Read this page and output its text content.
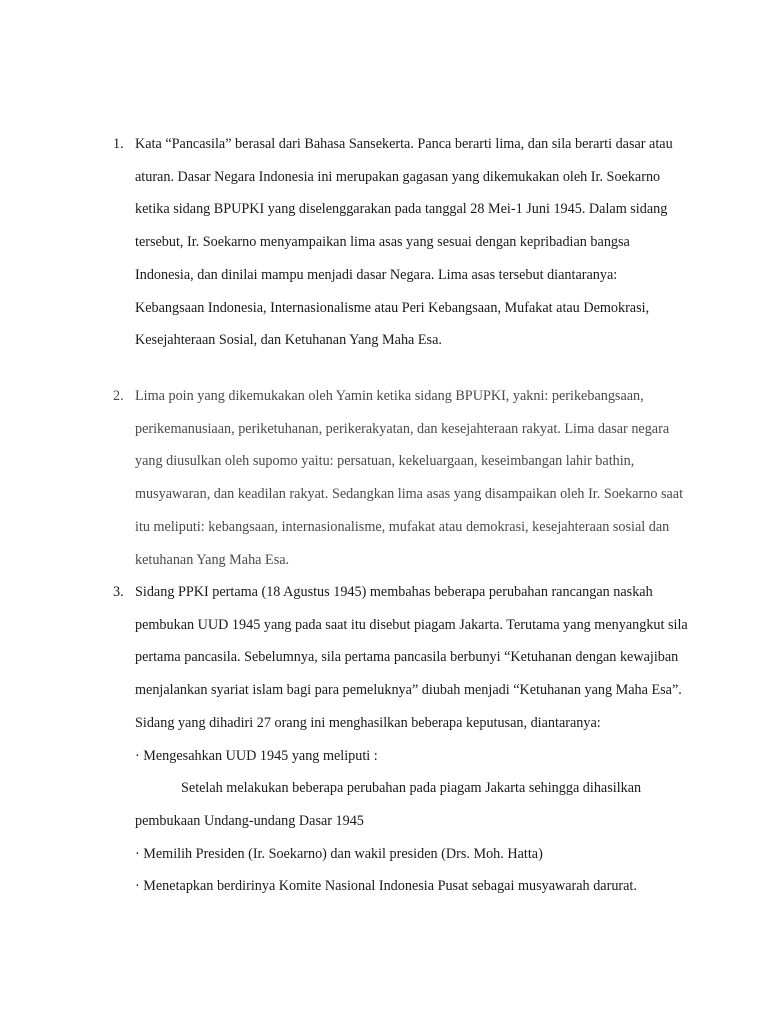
1. Kata “Pancasila” berasal dari Bahasa Sansekerta. Panca berarti lima, dan sila berarti dasar atau
aturan. Dasar Negara Indonesia ini merupakan gagasan yang dikemukakan oleh Ir. Soekarno
ketika sidang BPUPKI yang diselenggarakan pada tanggal 28 Mei-1 Juni 1945. Dalam sidang
tersebut, Ir. Soekarno menyampaikan lima asas yang sesuai dengan kepribadian bangsa
Indonesia, dan dinilai mampu menjadi dasar Negara. Lima asas tersebut diantaranya:
Kebangsaan Indonesia, Internasionalisme atau Peri Kebangsaan, Mufakat atau Demokrasi,
Kesejahteraan Sosial, dan Ketuhanan Yang Maha Esa.
2. Lima poin yang dikemukakan oleh Yamin ketika sidang BPUPKI, yakni: perikebangsaan,
perikemanusiaan, periketuhanan, perikerakyatan, dan kesejahteraan rakyat. Lima dasar negara
yang diusulkan oleh supomo yaitu: persatuan, kekeluargaan, keseimbangan lahir bathin,
musyawaran, dan keadilan rakyat. Sedangkan lima asas yang disampaikan oleh Ir. Soekarno saat
itu meliputi: kebangsaan, internasionalisme, mufakat atau demokrasi, kesejahteraan sosial dan
ketuhanan Yang Maha Esa.
3. Sidang PPKI pertama (18 Agustus 1945) membahas beberapa perubahan rancangan naskah
pembukan UUD 1945 yang pada saat itu disebut piagam Jakarta. Terutama yang menyangkut sila
pertama pancasila. Sebelumnya, sila pertama pancasila berbunyi “Ketuhanan dengan kewajiban
menjalankan syariat islam bagi para pemeluknya” diubah menjadi “Ketuhanan yang Maha Esa”.
Sidang yang dihadiri 27 orang ini menghasilkan beberapa keputusan, diantaranya:
· Mengesahkan UUD 1945 yang meliputi :
Setelah melakukan beberapa perubahan pada piagam Jakarta sehingga dihasilkan
pembukaan Undang-undang Dasar 1945
· Memilih Presiden (Ir. Soekarno) dan wakil presiden (Drs. Moh. Hatta)
· Menetapkan berdirinya Komite Nasional Indonesia Pusat sebagai musyawarah darurat.
